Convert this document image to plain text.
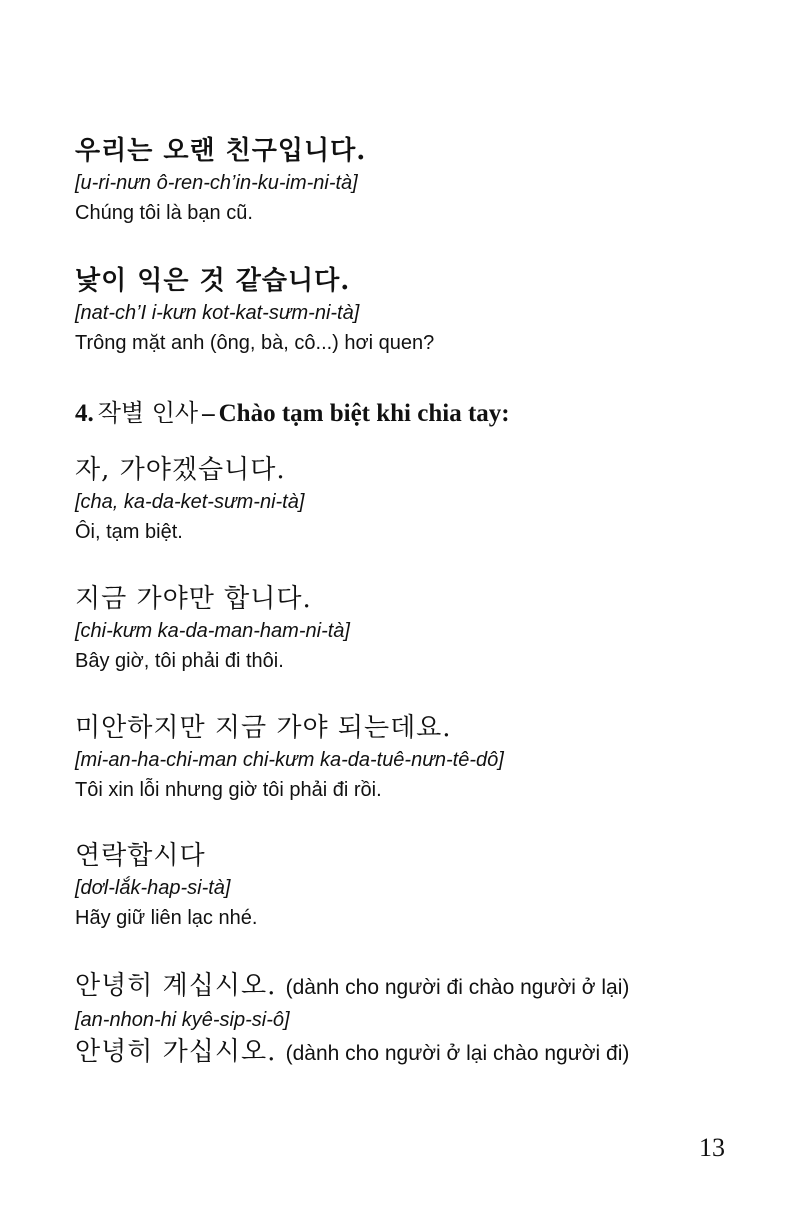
우리는 오랜 친구입니다.

[u-ri-nưn ô-ren-ch’in-ku-im-ni-tà]

Chúng tôi là bạn cũ.

낯이 익은 것 같습니다.

[nat-ch’I i-kưn kot-kat-sưm-ni-tà]

Trông mặt anh (ông, bà, cô...) hơi quen?

4. 작별 인사 – Chào tạm biệt khi chia tay:

자, 가야겠습니다.

[cha, ka-da-ket-sưm-ni-tà]

Ôi, tạm biệt.

지금 가야만 합니다.

[chi-kưm ka-da-man-ham-ni-tà]

Bây giờ, tôi phải đi thôi.

미안하지만 지금 가야 되는데요.

[mi-an-ha-chi-man chi-kưm ka-da-tuê-nưn-tê-dô]

Tôi xin lỗi nhưng giờ tôi phải đi rồi.

연락합시다

[dơl-lắk-hap-si-tà]

Hãy giữ liên lạc nhé.

안녕히 계십시오. (dành cho người đi chào người ở lại)

[an-nhon-hi kyê-sip-si-ô]

안녕히 가십시오. (dành cho người ở lại chào người đi)

13
